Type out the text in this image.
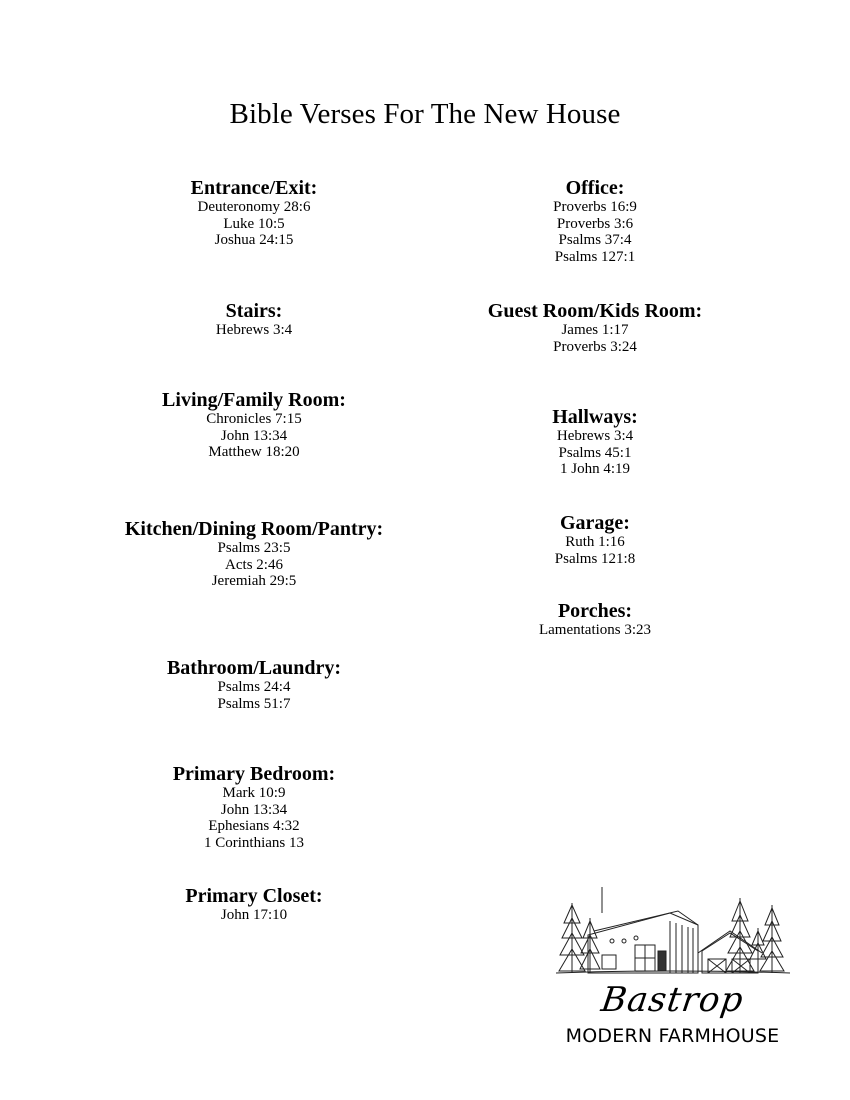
Bible Verses For The New House

Entrance/Exit:

Deuteronomy 28:6

Luke 10:5

Joshua 24:15

Stairs:

Hebrews 3:4

Living/Family Room:

Chronicles 7:15

John 13:34

Matthew 18:20

Kitchen/Dining Room/Pantry:

Psalms 23:5

Acts 2:46

Jeremiah 29:5

Bathroom/Laundry:

Psalms 24:4

Psalms 51:7

Primary Bedroom:

Mark 10:9

John 13:34

Ephesians 4:32

1 Corinthians 13

Primary Closet:

John 17:10

Office:

Proverbs 16:9

Proverbs 3:6

Psalms 37:4

Psalms 127:1

Guest Room/Kids Room:

James 1:17

Proverbs 3:24

Hallways:

Hebrews 3:4

Psalms 45:1

1 John 4:19

Garage:

Ruth 1:16

Psalms 121:8

Porches:

Lamentations 3:23

Bastrop
MODERN FARMHOUSE
